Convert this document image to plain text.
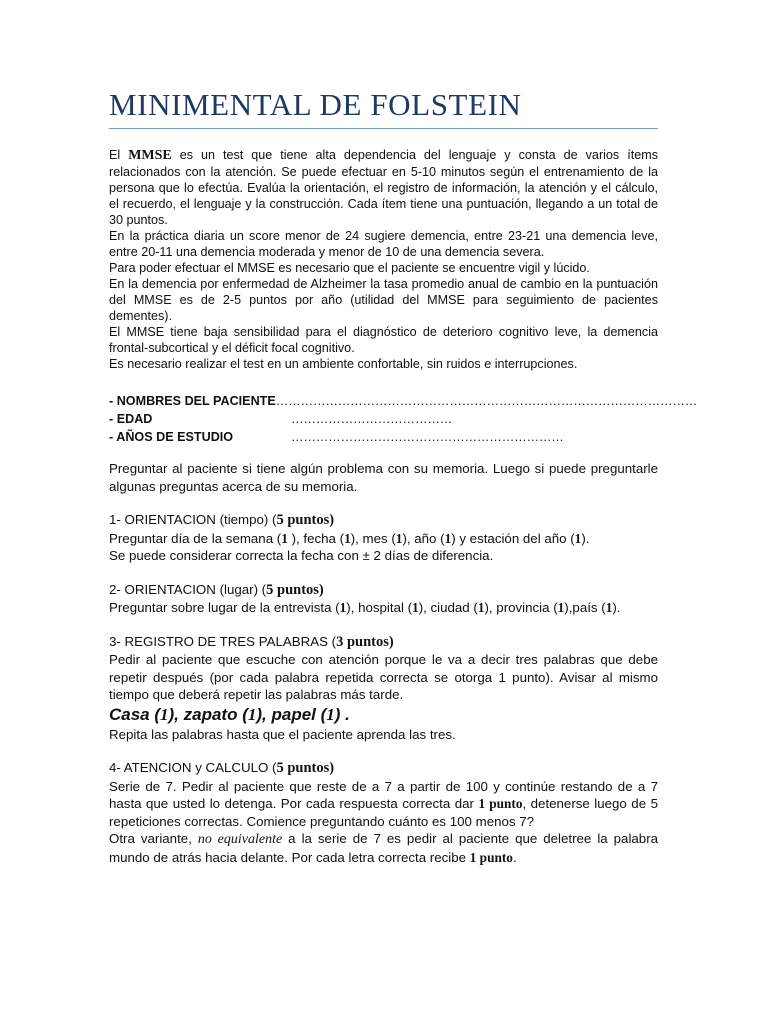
MINIMENTAL DE FOLSTEIN

El MMSE es un test que tiene alta dependencia del lenguaje y consta de varios ítems relacionados con la atención. Se puede efectuar en 5-10 minutos según el entrenamiento de la persona que lo efectúa. Evalúa la orientación, el registro de información, la atención y el cálculo, el recuerdo, el lenguaje y la construcción. Cada ítem tiene una puntuación, llegando a un total de 30 puntos.

En la práctica diaria un score menor de 24 sugiere demencia, entre 23-21 una demencia leve, entre 20-11 una demencia moderada y menor de 10 de una demencia severa.

Para poder efectuar el MMSE es necesario que el paciente se encuentre vigil y lúcido.

En la demencia por enfermedad de Alzheimer la tasa promedio anual de cambio en la puntuación del MMSE es de 2-5 puntos por año (utilidad del MMSE para seguimiento de pacientes dementes).

El MMSE tiene baja sensibilidad para el diagnóstico de deterioro cognitivo leve, la demencia frontal-subcortical y el déficit focal cognitivo.

Es necesario realizar el test en un ambiente confortable, sin ruidos e interrupciones.

- NOMBRES DEL PACIENTE …………………………………………………………………………………………
- EDAD	…………………………………
- AÑOS DE ESTUDIO	…………………………………………………………

Preguntar al paciente si tiene algún problema con su memoria. Luego si puede preguntarle algunas preguntas acerca de su memoria.

1- ORIENTACION (tiempo) (5 puntos)

Preguntar día de la semana (1 ), fecha (1), mes (1), año (1) y estación del año (1).

Se puede considerar correcta la fecha con ± 2 días de diferencia.

2- ORIENTACION (lugar) (5 puntos)

Preguntar sobre lugar de la entrevista (1), hospital (1), ciudad (1), provincia (1),país (1).

3- REGISTRO DE TRES PALABRAS (3 puntos)

Pedir al paciente que escuche con atención porque le va a decir tres palabras que debe repetir después (por cada palabra repetida correcta se otorga 1 punto). Avisar al mismo tiempo que deberá repetir las palabras más tarde.

Casa (1), zapato (1), papel (1) .

Repita las palabras hasta que el paciente aprenda las tres.

4- ATENCION y CALCULO (5 puntos)

Serie de 7. Pedir al paciente que reste de a 7 a partir de 100 y continúe restando de a 7 hasta que usted lo detenga. Por cada respuesta correcta dar 1 punto, detenerse luego de 5 repeticiones correctas. Comience preguntando cuánto es 100 menos 7?

Otra variante, no equivalente a la serie de 7 es pedir al paciente que deletree la palabra mundo de atrás hacia delante. Por cada letra correcta recibe 1 punto.
